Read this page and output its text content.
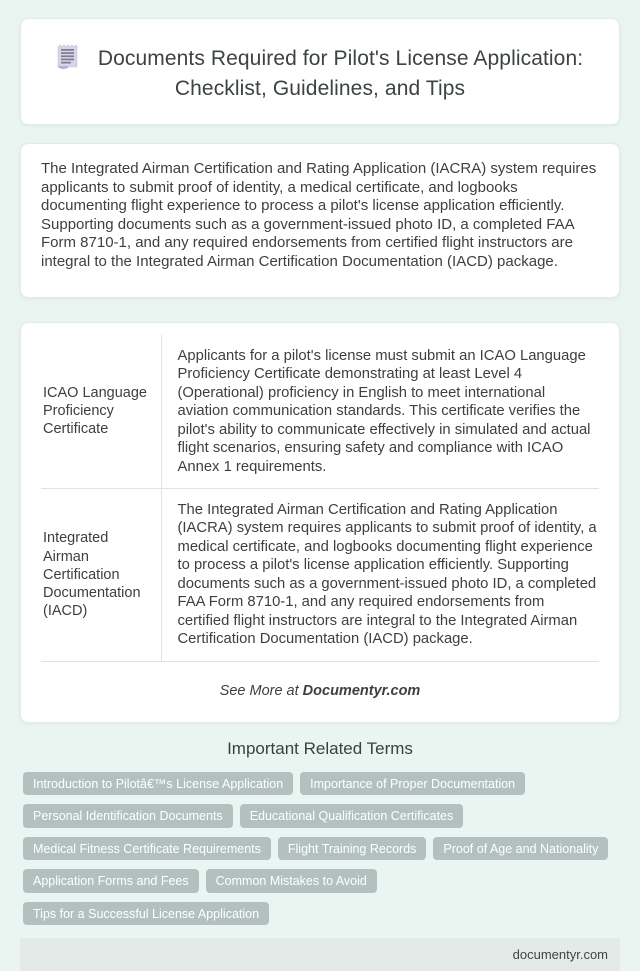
Documents Required for Pilot's License Application: Checklist, Guidelines, and Tips

The Integrated Airman Certification and Rating Application (IACRA) system requires applicants to submit proof of identity, a medical certificate, and logbooks documenting flight experience to process a pilot's license application efficiently. Supporting documents such as a government-issued photo ID, a completed FAA Form 8710-1, and any required endorsements from certified flight instructors are integral to the Integrated Airman Certification Documentation (IACD) package.

ICAO Language Proficiency Certificate	Applicants for a pilot's license must submit an ICAO Language Proficiency Certificate demonstrating at least Level 4 (Operational) proficiency in English to meet international aviation communication standards. This certificate verifies the pilot's ability to communicate effectively in simulated and actual flight scenarios, ensuring safety and compliance with ICAO Annex 1 requirements.
Integrated Airman Certification Documentation (IACD)	The Integrated Airman Certification and Rating Application (IACRA) system requires applicants to submit proof of identity, a medical certificate, and logbooks documenting flight experience to process a pilot's license application efficiently. Supporting documents such as a government-issued photo ID, a completed FAA Form 8710-1, and any required endorsements from certified flight instructors are integral to the Integrated Airman Certification Documentation (IACD) package.
See More at Documentyr.com
Important Related Terms
Introduction to Pilotâ€™s License Application	Importance of Proper Documentation
Personal Identification Documents	Educational Qualification Certificates
Medical Fitness Certificate Requirements	Flight Training Records	Proof of Age and Nationality
Application Forms and Fees	Common Mistakes to Avoid
Tips for a Successful License Application
documentyr.com
